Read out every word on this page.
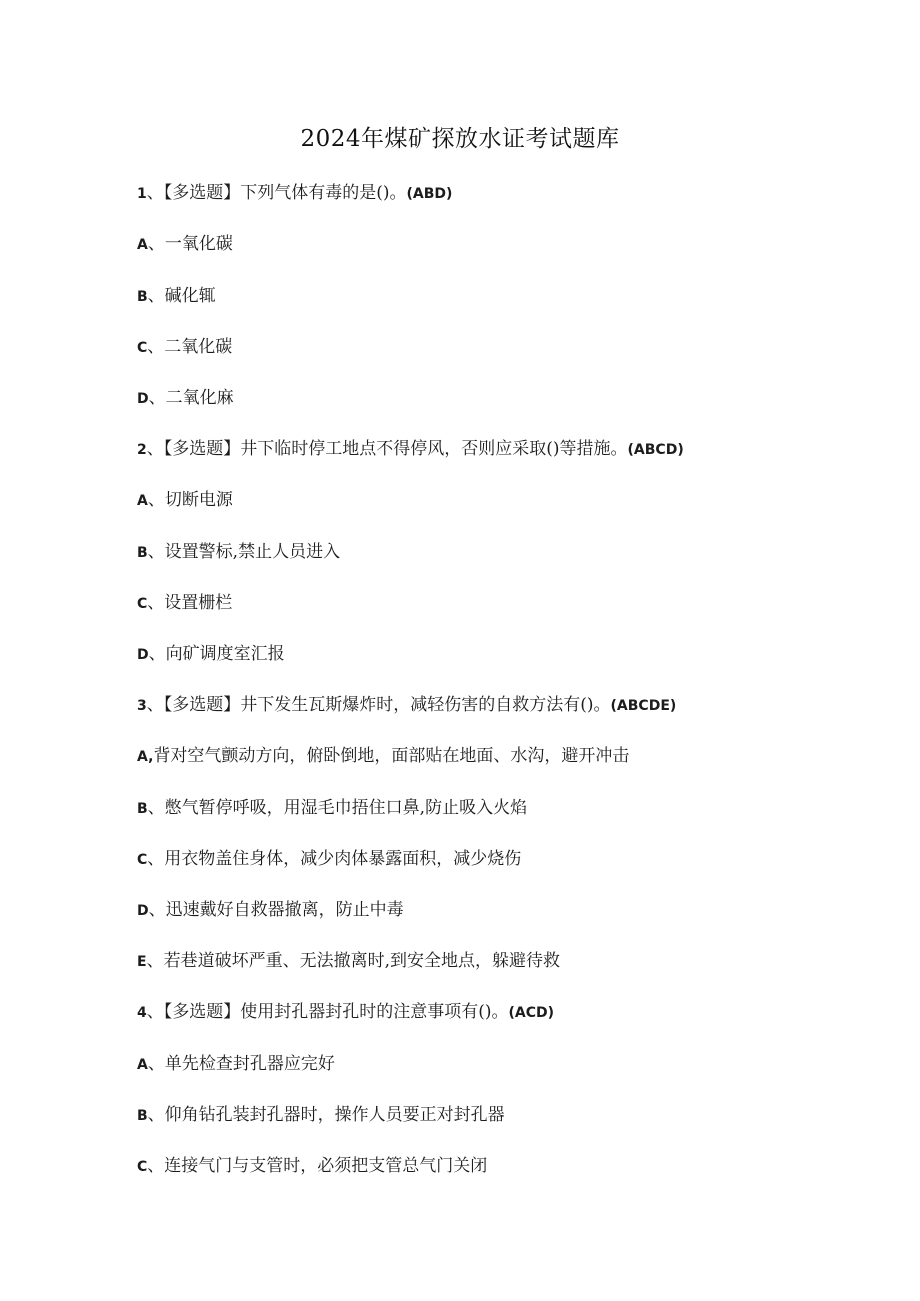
2024年煤矿探放水证考试题库
1、【多选题】下列气体有毒的是()。(ABD)
A、一氧化碳
B、碱化辄
C、二氧化碳
D、二氧化麻
2、【多选题】井下临时停工地点不得停风，否则应采取()等措施。(ABCD)
A、切断电源
B、设置警标,禁止人员进入
C、设置栅栏
D、向矿调度室汇报
3、【多选题】井下发生瓦斯爆炸时，减轻伤害的自救方法有()。(ABCDE)
A,背对空气颤动方向，俯卧倒地，面部贴在地面、水沟，避开冲击
B、憋气暂停呼吸，用湿毛巾捂住口鼻,防止吸入火焰
C、用衣物盖住身体，减少肉体暴露面积，减少烧伤
D、迅速戴好自救器撤离，防止中毒
E、若巷道破坏严重、无法撤离时,到安全地点，躲避待救
4、【多选题】使用封孔器封孔时的注意事项有()。(ACD)
A、单先检查封孔器应完好
B、仰角钻孔装封孔器时，操作人员要正对封孔器
C、连接气门与支管时，必须把支管总气门关闭
